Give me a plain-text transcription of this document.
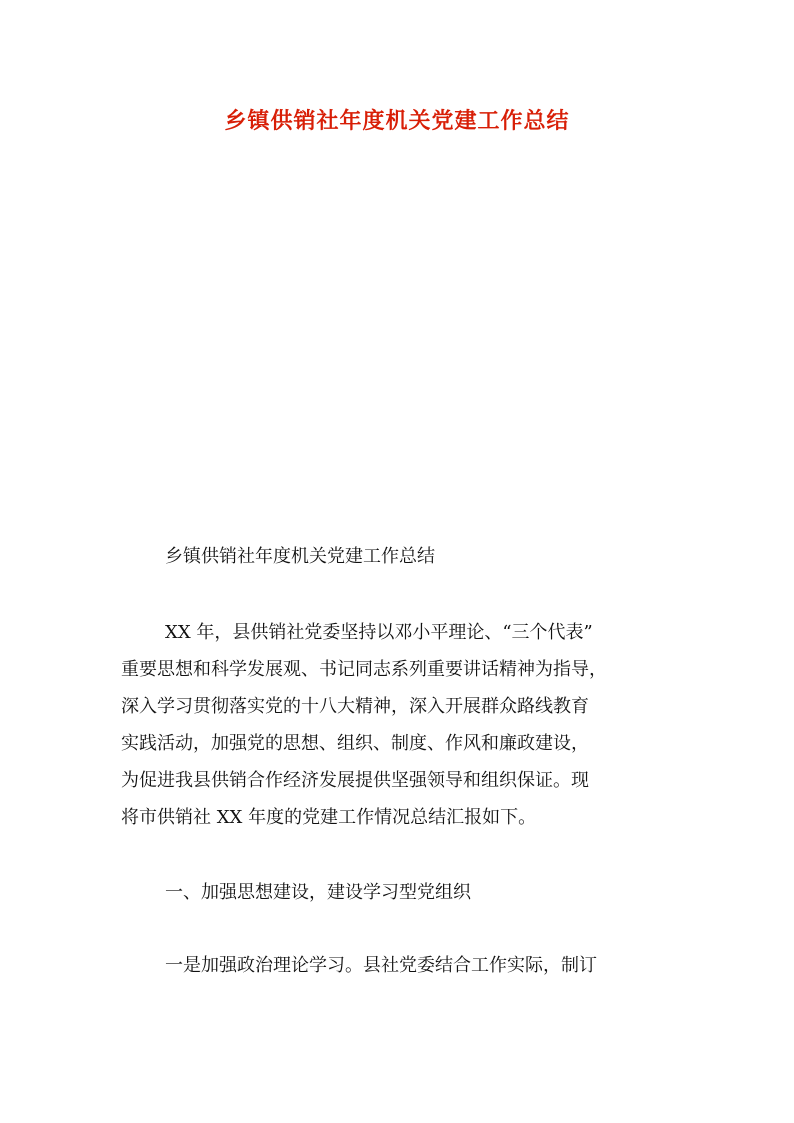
乡镇供销社年度机关党建工作总结

乡镇供销社年度机关党建工作总结

XX 年，县供销社党委坚持以邓小平理论、“三个代表”
重要思想和科学发展观、书记同志系列重要讲话精神为指导，
深入学习贯彻落实党的十八大精神，深入开展群众路线教育
实践活动，加强党的思想、组织、制度、作风和廉政建设，
为促进我县供销合作经济发展提供坚强领导和组织保证。现
将市供销社 XX 年度的党建工作情况总结汇报如下。

一、加强思想建设，建设学习型党组织

一是加强政治理论学习。县社党委结合工作实际，制订
